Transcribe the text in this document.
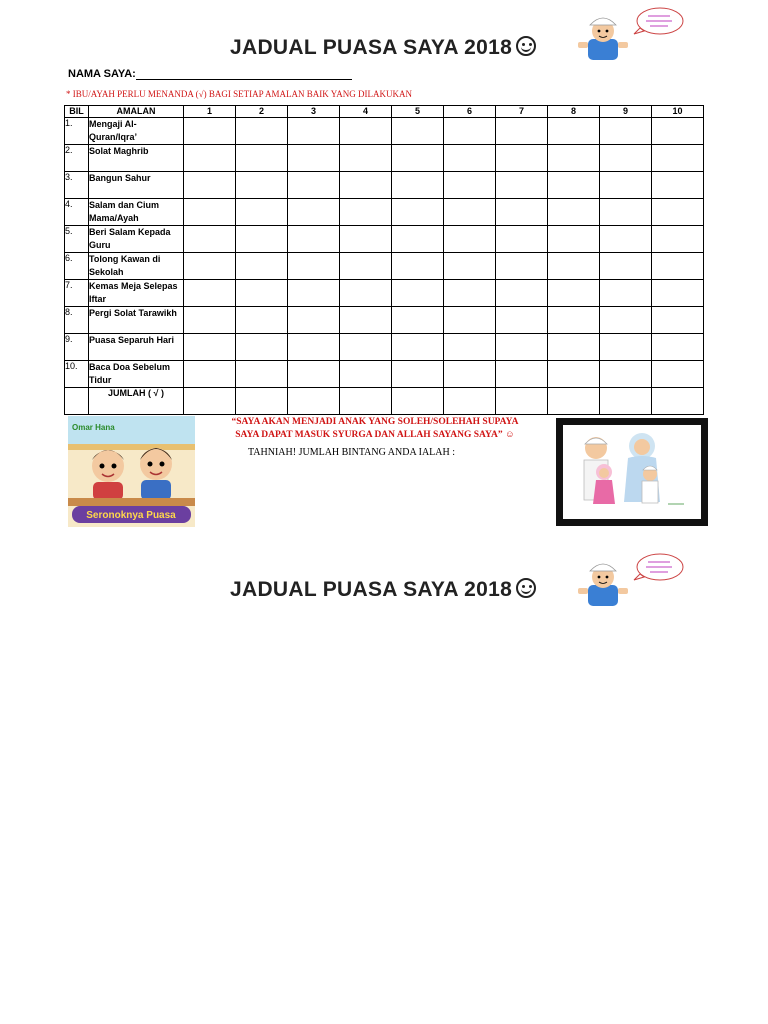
JADUAL PUASA SAYA 2018
NAMA SAYA:
* IBU/AYAH PERLU MENANDA (√) BAGI SETIAP AMALAN BAIK YANG DILAKUKAN
BIL	AMALAN	1	2	3	4	5	6	7	8	9	10
1.	Mengaji Al-Quran/Iqra’										
2.	Solat Maghrib										
3.	Bangun Sahur										
4.	Salam dan Cium Mama/Ayah										
5.	Beri Salam Kepada Guru										
6.	Tolong Kawan di Sekolah										
7.	Kemas Meja Selepas Iftar										
8.	Pergi Solat Tarawikh										
9.	Puasa Separuh Hari										
10.	Baca Doa Sebelum Tidur										
	JUMLAH ( √ )										
Omar Hana
Seronoknya Puasa
“SAYA AKAN MENJADI ANAK YANG SOLEH/SOLEHAH SUPAYA
SAYA DAPAT MASUK SYURGA DAN ALLAH SAYANG SAYA” ☺
TAHNIAH! JUMLAH BINTANG ANDA IALAH :
JADUAL PUASA SAYA 2018
